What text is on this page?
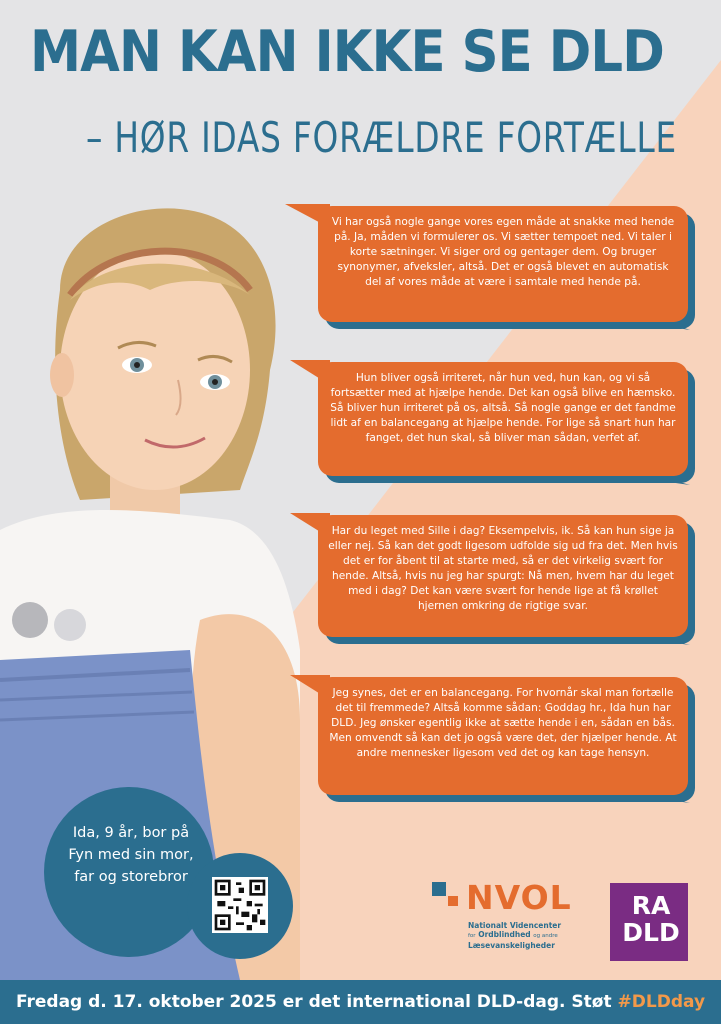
MAN KAN IKKE SE DLD
– HØR IDAS FORÆLDRE FORTÆLLE

Vi har også nogle gange vores egen måde at snakke med hende på. Ja, måden vi formulerer os. Vi sætter tempoet ned. Vi taler i korte sætninger. Vi siger ord og gentager dem. Og bruger synonymer, afveksler, altså. Det er også blevet en automatisk del af vores måde at være i samtale med hende på.

Hun bliver også irriteret, når hun ved, hun kan, og vi så fortsætter med at hjælpe hende. Det kan også blive en hæmsko. Så bliver hun irriteret på os, altså. Så nogle gange er det fandme lidt af en balancegang at hjælpe hende. For lige så snart hun har fanget, det hun skal, så bliver man sådan, verfet af.

Har du leget med Sille i dag? Eksempelvis, ik. Så kan hun sige ja eller nej. Så kan det godt ligesom udfolde sig ud fra det. Men hvis det er for åbent til at starte med, så er det virkelig svært for hende. Altså, hvis nu jeg har spurgt: Nå men, hvem har du leget med i dag? Det kan være svært for hende lige at få krøllet hjernen omkring de rigtige svar.

Jeg synes, det er en balancegang. For hvornår skal man fortælle det til fremmede? Altså komme sådan: Goddag hr., Ida hun har DLD. Jeg ønsker egentlig ikke at sætte hende i en, sådan en bås. Men omvendt så kan det jo også være det, der hjælper hende. At andre mennesker ligesom ved det og kan tage hensyn.

Ida, 9 år, bor på Fyn med sin mor, far og storebror
NVOL
Nationalt Videncenter
for Ordblindhed og andre
Læsevanskeligheder
RA
DLD
Fredag d. 17. oktober 2025 er det international DLD-dag. Støt #DLDday
